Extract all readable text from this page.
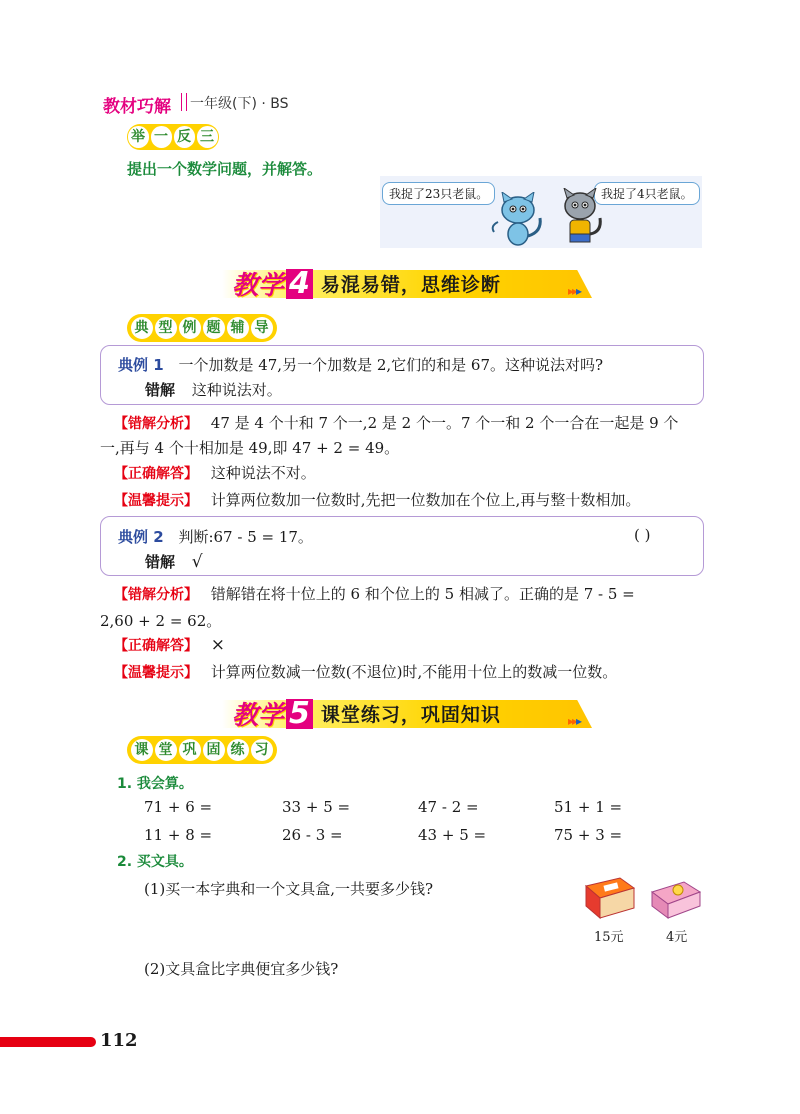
教材巧解 一年级(下) · BS
举 一 反 三
提出一个数学问题，并解答。
我捉了23只老鼠。	我捉了4只老鼠。
教学 4 易混易错，思维诊断	▸▸▸
典 型 例 题 辅 导
典例 1 一个加数是 47,另一个加数是 2,它们的和是 67。这种说法对吗?
错解 这种说法对。
【错解分析】 47 是 4 个十和 7 个一,2 是 2 个一。7 个一和 2 个一合在一起是 9 个
一,再与 4 个十相加是 49,即 47 + 2 = 49。
【正确解答】 这种说法不对。
【温馨提示】 计算两位数加一位数时,先把一位数加在个位上,再与整十数相加。
典例 2 判断:67 - 5 = 17。	( )
错解 √
【错解分析】 错解错在将十位上的 6 和个位上的 5 相减了。正确的是 7 - 5 =
2,60 + 2 = 62。
【正确解答】 ×
【温馨提示】 计算两位数减一位数(不退位)时,不能用十位上的数减一位数。
教学 5 课堂练习，巩固知识	▸▸▸
课 堂 巩 固 练 习
1. 我会算。
71 + 6 =	33 + 5 =	47 - 2 =	51 + 1 =
11 + 8 =	26 - 3 =	43 + 5 =	75 + 3 =
2. 买文具。
(1)买一本字典和一个文具盒,一共要多少钱?
(2)文具盒比字典便宜多少钱?
15元	4元
112
